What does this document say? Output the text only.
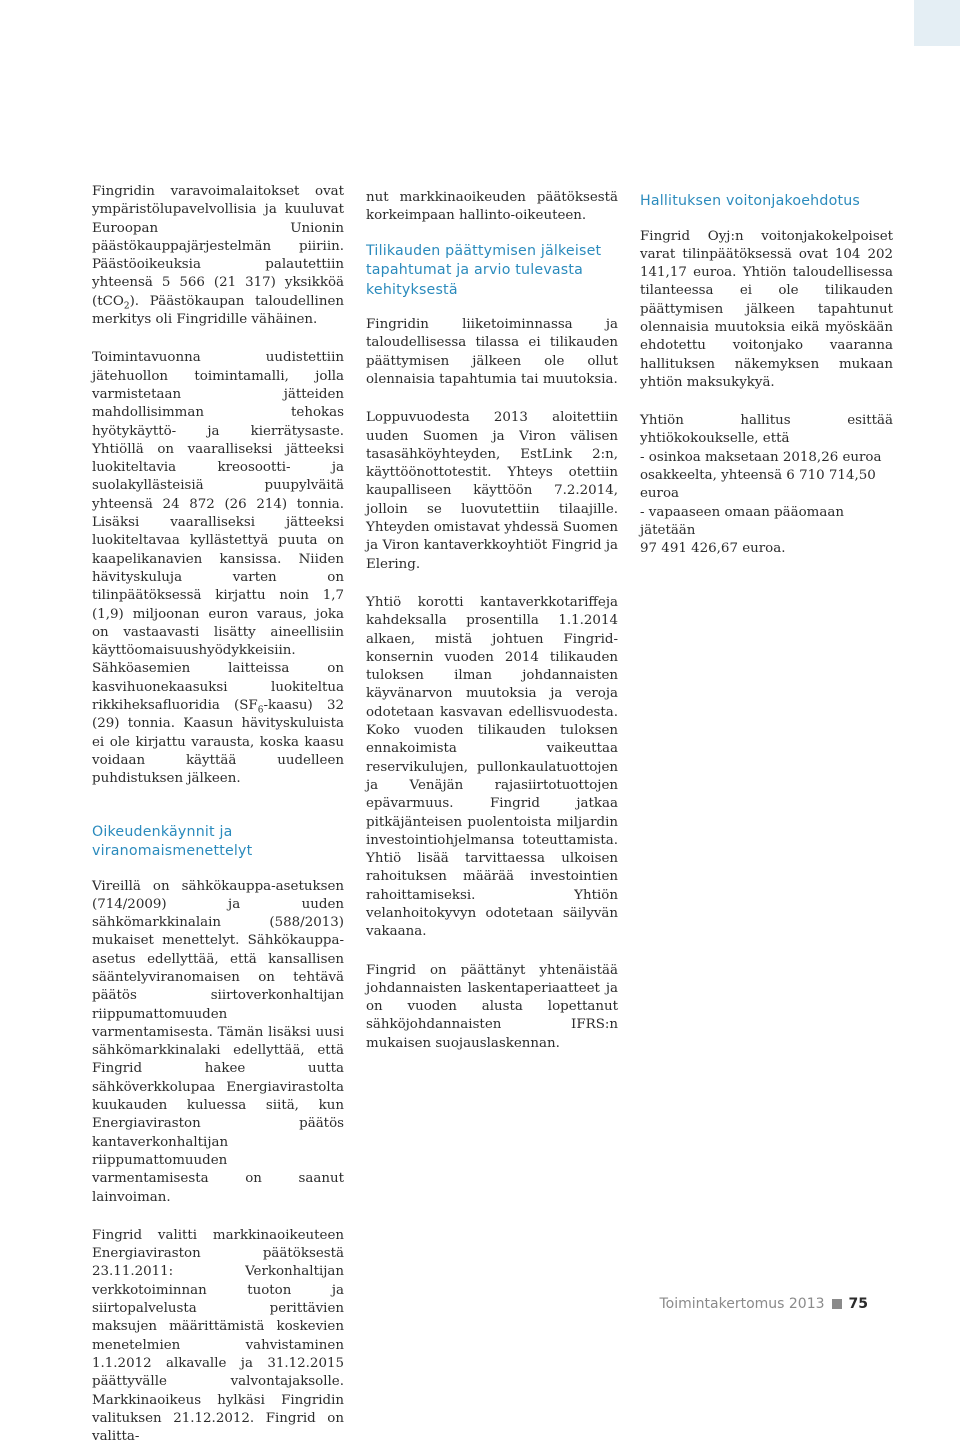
Fingridin varavoimalaitokset ovat ympäristölupavelvollisia ja kuuluvat Euroopan Unionin päästökauppajärjestelmän piiriin. Päästöoikeuksia palautettiin yhteensä 5 566 (21 317) yksikköä (tCO$_2$). Päästökaupan taloudellinen merkitys oli Fingridille vähäinen.

Toimintavuonna uudistettiin jätehuollon toimintamalli, jolla varmistetaan jätteiden mahdollisimman tehokas hyötykäyttö- ja kierrätysaste. Yhtiöllä on vaaralliseksi jätteeksi luokiteltavia kreosootti- ja suolakyllästeisiä puupylväitä yhteensä 24 872 (26 214) tonnia. Lisäksi vaaralliseksi jätteeksi luokiteltavaa kyllästettyä puuta on kaapelikanavien kansissa. Niiden hävityskuluja varten on tilinpäätöksessä kirjattu noin 1,7 (1,9) miljoonan euron varaus, joka on vastaavasti lisätty aineellisiin käyttöomaisuushyödykkeisiin. Sähköasemien laitteissa on kasvihuonekaasuksi luokiteltua rikkiheksafluoridia $(SF_6-kaasu)$ 32 (29) tonnia. Kaasun hävityskuluista ei ole kirjattu varausta, koska kaasu voidaan käyttää uudelleen puhdistuksen jälkeen.

Oikeudenkäynnit ja viranomaismenettelyt

Vireillä on sähkökauppa-asetuksen (714/2009) ja uuden sähkömarkkinalain (588/2013) mukaiset menettelyt. Sähkökauppa-asetus edellyttää, että kansallisen sääntelyviranomaisen on tehtävä päätös siirtoverkonhaltijan riippumattomuuden varmentamisesta. Tämän lisäksi uusi sähkömarkkinalaki edellyttää, että Fingrid hakee uutta sähköverkkolupaa Energiavirastolta kuukauden kuluessa siitä, kun Energiaviraston päätös kantaverkonhaltijan riippumattomuuden varmentamisesta on saanut lainvoiman.

Fingrid valitti markkinaoikeuteen Energiaviraston päätöksestä 23.11.2011: Verkonhaltijan verkkotoiminnan tuoton ja siirtopalvelusta perittävien maksujen määrittämistä koskevien menetelmien vahvistaminen 1.1.2012 alkavalle ja 31.12.2015 päättyvälle valvontajaksolle. Markkinaoikeus hylkäsi Fingridin valituksen 21.12.2012. Fingrid on valitta-

nut markkinaoikeuden päätöksestä korkeimpaan hallinto-oikeuteen.

Tilikauden päättymisen jälkeiset tapahtumat ja arvio tulevasta kehityksestä

Fingridin liiketoiminnassa ja taloudellisessa tilassa ei tilikauden päättymisen jälkeen ole ollut olennaisia tapahtumia tai muutoksia.

Loppuvuodesta 2013 aloitettiin uuden Suomen ja Viron välisen tasasähköyhteyden, EstLink 2:n, käyttöönottotestit. Yhteys otettiin kaupalliseen käyttöön 7.2.2014, jolloin se luovutettiin tilaajille. Yhteyden omistavat yhdessä Suomen ja Viron kantaverkkoyhtiöt Fingrid ja Elering.

Yhtiö korotti kantaverkkotariffeja kahdeksalla prosentilla 1.1.2014 alkaen, mistä johtuen Fingrid-konsernin vuoden 2014 tilikauden tuloksen ilman johdannaisten käyvänarvon muutoksia ja veroja odotetaan kasvavan edellisvuodesta. Koko vuoden tilikauden tuloksen ennakoimista vaikeuttaa reservikulujen, pullonkaulatuottojen ja Venäjän rajasiirtotuottojen epävarmuus. Fingrid jatkaa pitkäjänteisen puolentoista miljardin investointiohjelmansa toteuttamista. Yhtiö lisää tarvittaessa ulkoisen rahoituksen määrää investointien rahoittamiseksi. Yhtiön velanhoitokyvyn odotetaan säilyvän vakaana.

Fingrid on päättänyt yhtenäistää johdannaisten laskentaperiaatteet ja on vuoden alusta lopettanut sähköjohdannaisten IFRS:n mukaisen suojauslaskennan.

Hallituksen voitonjakoehdotus

Fingrid Oyj:n voitonjakokelpoiset varat tilinpäätöksessä ovat 104 202 141,17 euroa. Yhtiön taloudellisessa tilanteessa ei ole tilikauden päättymisen jälkeen tapahtunut olennaisia muutoksia eikä myöskään ehdotettu voitonjako vaaranna hallituksen näkemyksen mukaan yhtiön maksukykyä.

Yhtiön hallitus esittää yhtiökokoukselle, että
- osinkoa maksetaan 2018,26 euroa
osakkeelta, yhteensä 6 710 714,50 euroa
- vapaaseen omaan pääomaan jätetään
97 491 426,67 euroa.

Toimintakertomus 2013 75
